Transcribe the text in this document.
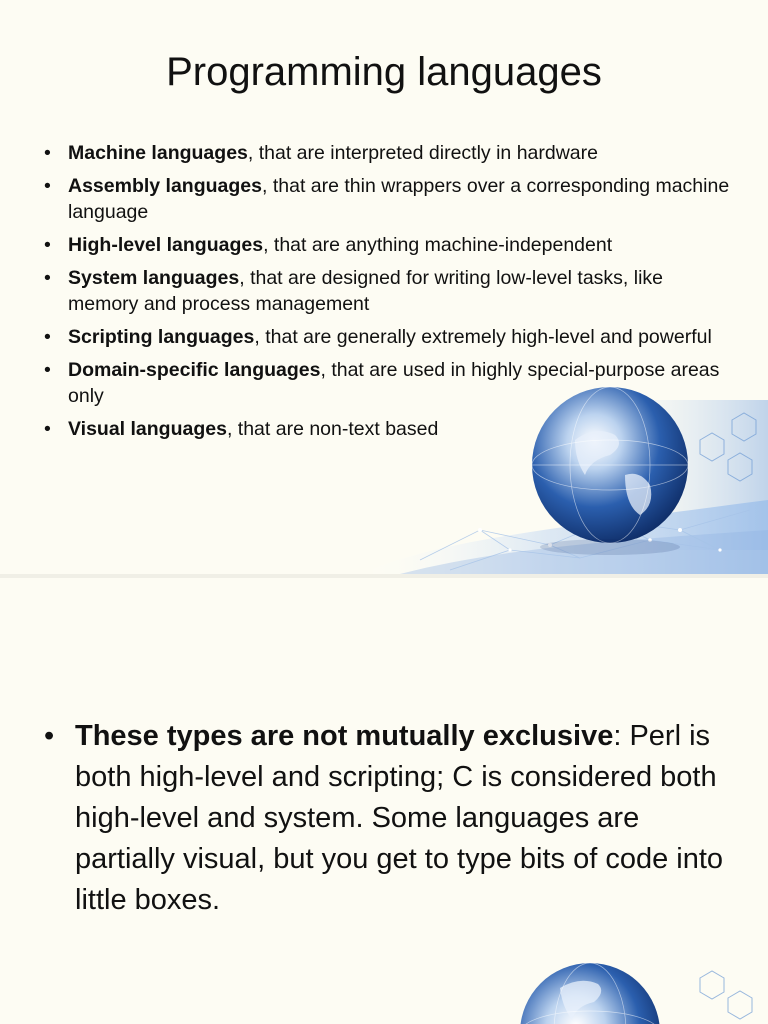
Programming languages
• Machine languages, that are interpreted directly in hardware
• Assembly languages, that are thin wrappers over a corresponding machine language
• High-level languages, that are anything machine-independent
• System languages, that are designed for writing low-level tasks, like memory and process management
• Scripting languages, that are generally extremely high-level and powerful
• Domain-specific languages, that are used in highly special-purpose areas only
• Visual languages, that are non-text based
• These types are not mutually exclusive: Perl is both high-level and scripting; C is considered both high-level and system. Some languages are partially visual, but you get to type bits of code into little boxes.
